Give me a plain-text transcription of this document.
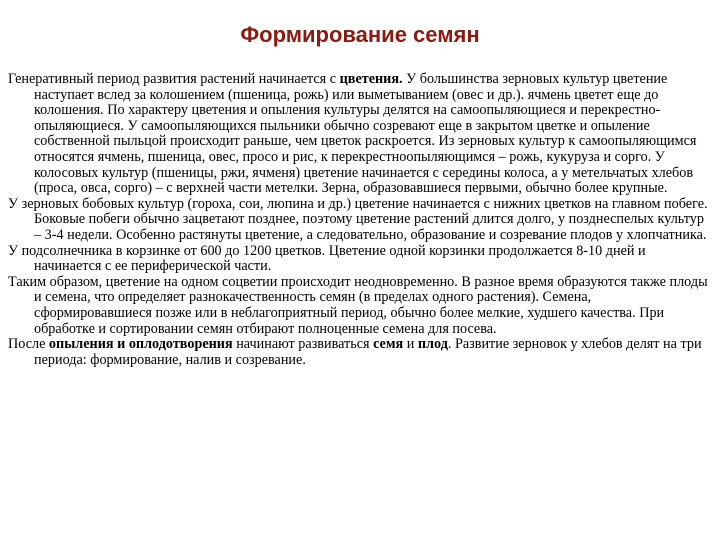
Формирование семян

Генеративный период развития растений начинается с цветения. У большинства зерновых культур цветение наступает вслед за колошением (пшеница, рожь) или выметыванием (овес и др.). ячмень цветет еще до колошения. По характеру цветения и опыления культуры делятся на самоопыляющиеся и перекрестно-опыляющиеся. У самоопыляющихся пыльники обычно созревают еще в закрытом цветке и опыление собственной пыльцой происходит раньше, чем цветок раскроется. Из зерновых культур к самоопыляющимся относятся ячмень, пшеница, овес, просо и рис, к перекрестноопыляющимся – рожь, кукуруза и сорго. У колосовых культур (пшеницы, ржи, ячменя) цветение начинается с середины колоса, а у метельчатых хлебов (проса, овса, сорго) – с верхней части метелки. Зерна, образовавшиеся первыми, обычно более крупные.

У зерновых бобовых культур (гороха, сои, люпина и др.) цветение начинается с нижних цветков на главном побеге. Боковые побеги обычно зацветают позднее, поэтому цветение растений длится долго, у позднеспелых культур – 3-4 недели. Особенно растянуты цветение, а следовательно, образование и созревание плодов у хлопчатника.

У подсолнечника в корзинке от 600 до 1200 цветков. Цветение одной корзинки продолжается 8-10 дней и начинается с ее периферической части.

Таким образом, цветение на одном соцветии происходит неодновременно. В разное время образуются также плоды и семена, что определяет разнокачественность семян (в пределах одного растения). Семена, сформировавшиеся позже или в неблагоприятный период, обычно более мелкие, худшего качества. При обработке и сортировании семян отбирают полноценные семена для посева.

После опыления и оплодотворения начинают развиваться семя и плод. Развитие зерновок у хлебов делят на три периода: формирование, налив и созревание.
